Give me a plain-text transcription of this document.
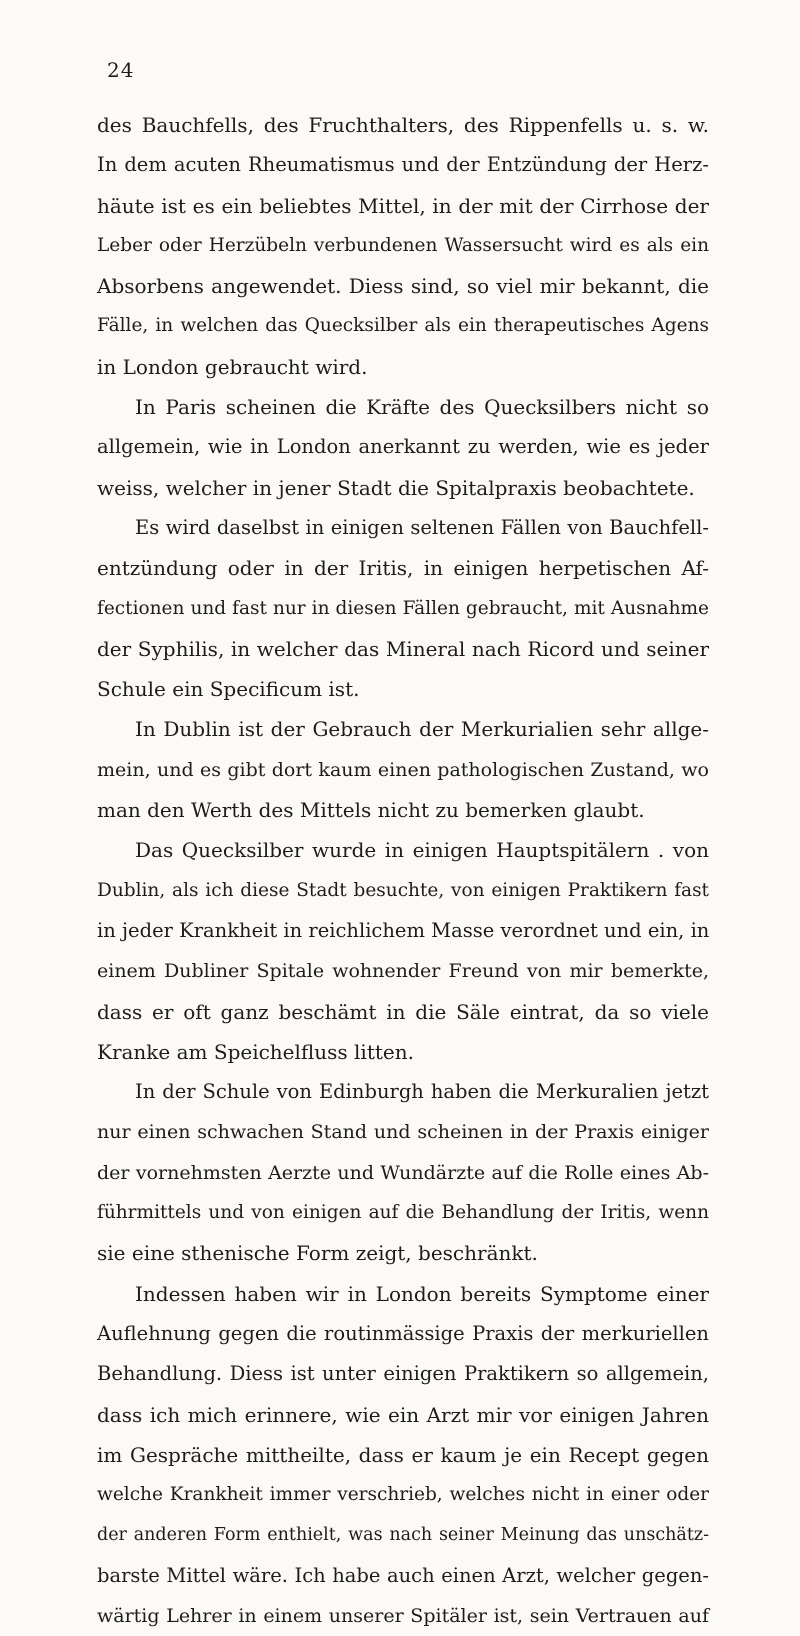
24
des Bauchfells, des Fruchthalters, des Rippenfells u. s. w.
In dem acuten Rheumatismus und der Entzündung der Herz-
häute ist es ein beliebtes Mittel, in der mit der Cirrhose der
Leber oder Herzübeln verbundenen Wassersucht wird es als ein
Absorbens angewendet. Diess sind, so viel mir bekannt, die
Fälle, in welchen das Quecksilber als ein therapeutisches Agens
in London gebraucht wird.
In Paris scheinen die Kräfte des Quecksilbers nicht so
allgemein, wie in London anerkannt zu werden, wie es jeder
weiss, welcher in jener Stadt die Spitalpraxis beobachtete.
Es wird daselbst in einigen seltenen Fällen von Bauchfell-
entzündung oder in der Iritis, in einigen herpetischen Af-
fectionen und fast nur in diesen Fällen gebraucht, mit Ausnahme
der Syphilis, in welcher das Mineral nach Ricord und seiner
Schule ein Specificum ist.
In Dublin ist der Gebrauch der Merkurialien sehr allge-
mein, und es gibt dort kaum einen pathologischen Zustand, wo
man den Werth des Mittels nicht zu bemerken glaubt.
Das Quecksilber wurde in einigen Hauptspitälern . von
Dublin, als ich diese Stadt besuchte, von einigen Praktikern fast
in jeder Krankheit in reichlichem Masse verordnet und ein, in
einem Dubliner Spitale wohnender Freund von mir bemerkte,
dass er oft ganz beschämt in die Säle eintrat, da so viele
Kranke am Speichelfluss litten.
In der Schule von Edinburgh haben die Merkuralien jetzt
nur einen schwachen Stand und scheinen in der Praxis einiger
der vornehmsten Aerzte und Wundärzte auf die Rolle eines Ab-
führmittels und von einigen auf die Behandlung der Iritis, wenn
sie eine sthenische Form zeigt, beschränkt.
Indessen haben wir in London bereits Symptome einer
Auflehnung gegen die routinmässige Praxis der merkuriellen
Behandlung. Diess ist unter einigen Praktikern so allgemein,
dass ich mich erinnere, wie ein Arzt mir vor einigen Jahren
im Gespräche mittheilte, dass er kaum je ein Recept gegen
welche Krankheit immer verschrieb, welches nicht in einer oder
der anderen Form enthielt, was nach seiner Meinung das unschätz-
barste Mittel wäre. Ich habe auch einen Arzt, welcher gegen-
wärtig Lehrer in einem unserer Spitäler ist, sein Vertrauen auf
